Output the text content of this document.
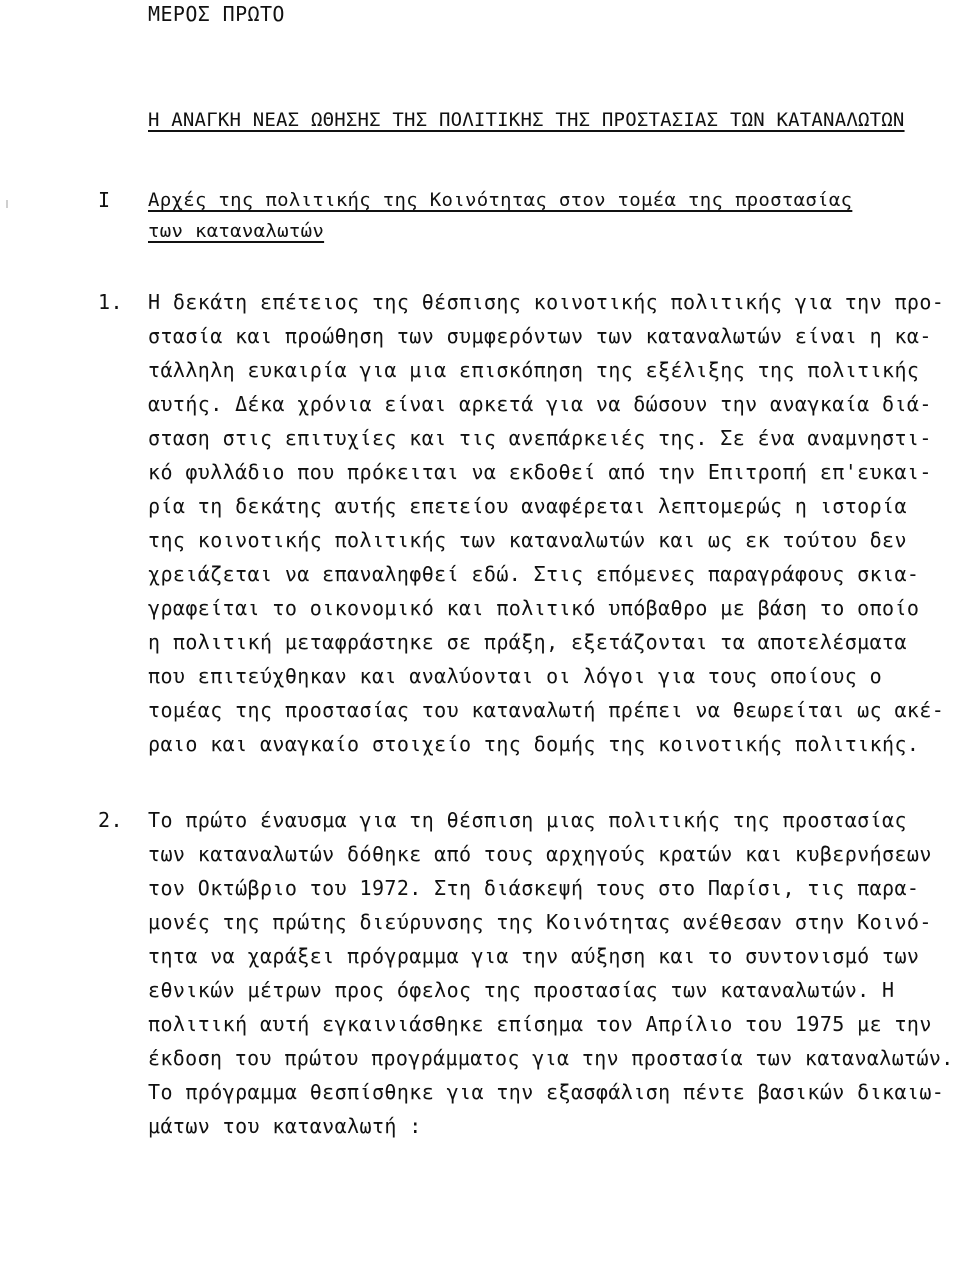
ΜΕΡΟΣ ΠΡΩΤΟ
Η ΑΝΑΓΚΗ ΝΕΑΣ ΩΘΗΣΗΣ ΤΗΣ ΠΟΛΙΤΙΚΗΣ ΤΗΣ ΠΡΟΣΤΑΣΙΑΣ ΤΩΝ ΚΑΤΑΝΑΛΩΤΩΝ
I Αρχές της πολιτικής της Κοινότητας στον τομέα της προστασίας
των καταναλωτών
1. Η δεκάτη επέτειος της θέσπισης κοινοτικής πολιτικής για την προ-
στασία και προώθηση των συμφερόντων των καταναλωτών είναι η κα-
τάλληλη ευκαιρία για μια επισκόπηση της εξέλιξης της πολιτικής
αυτής. Δέκα χρόνια είναι αρκετά για να δώσουν την αναγκαία διά-
σταση στις επιτυχίες και τις ανεπάρκειές της. Σε ένα αναμνηστι-
κό φυλλάδιο που πρόκειται να εκδοθεί από την Επιτροπή επ'ευκαι-
ρία τη δεκάτης αυτής επετείου αναφέρεται λεπτομερώς η ιστορία
της κοινοτικής πολιτικής των καταναλωτών και ως εκ τούτου δεν
χρειάζεται να επαναληφθεί εδώ. Στις επόμενες παραγράφους σκια-
γραφείται το οικονομικό και πολιτικό υπόβαθρο με βάση το οποίο
η πολιτική μεταφράστηκε σε πράξη, εξετάζονται τα αποτελέσματα
που επιτεύχθηκαν και αναλύονται οι λόγοι για τους οποίους ο
τομέας της προστασίας του καταναλωτή πρέπει να θεωρείται ως ακέ-
ραιο και αναγκαίο στοιχείο της δομής της κοινοτικής πολιτικής.
2. Το πρώτο έναυσμα για τη θέσπιση μιας πολιτικής της προστασίας
των καταναλωτών δόθηκε από τους αρχηγούς κρατών και κυβερνήσεων
τον Οκτώβριο του 1972. Στη διάσκεψή τους στο Παρίσι, τις παρα-
μονές της πρώτης διεύρυνσης της Κοινότητας ανέθεσαν στην Κοινό-
τητα να χαράξει πρόγραμμα για την αύξηση και το συντονισμό των
εθνικών μέτρων προς όφελος της προστασίας των καταναλωτών. Η
πολιτική αυτή εγκαινιάσθηκε επίσημα τον Απρίλιο του 1975 με την
έκδοση του πρώτου προγράμματος για την προστασία των καταναλωτών.
Το πρόγραμμα θεσπίσθηκε για την εξασφάλιση πέντε βασικών δικαιω-
μάτων του καταναλωτή :
